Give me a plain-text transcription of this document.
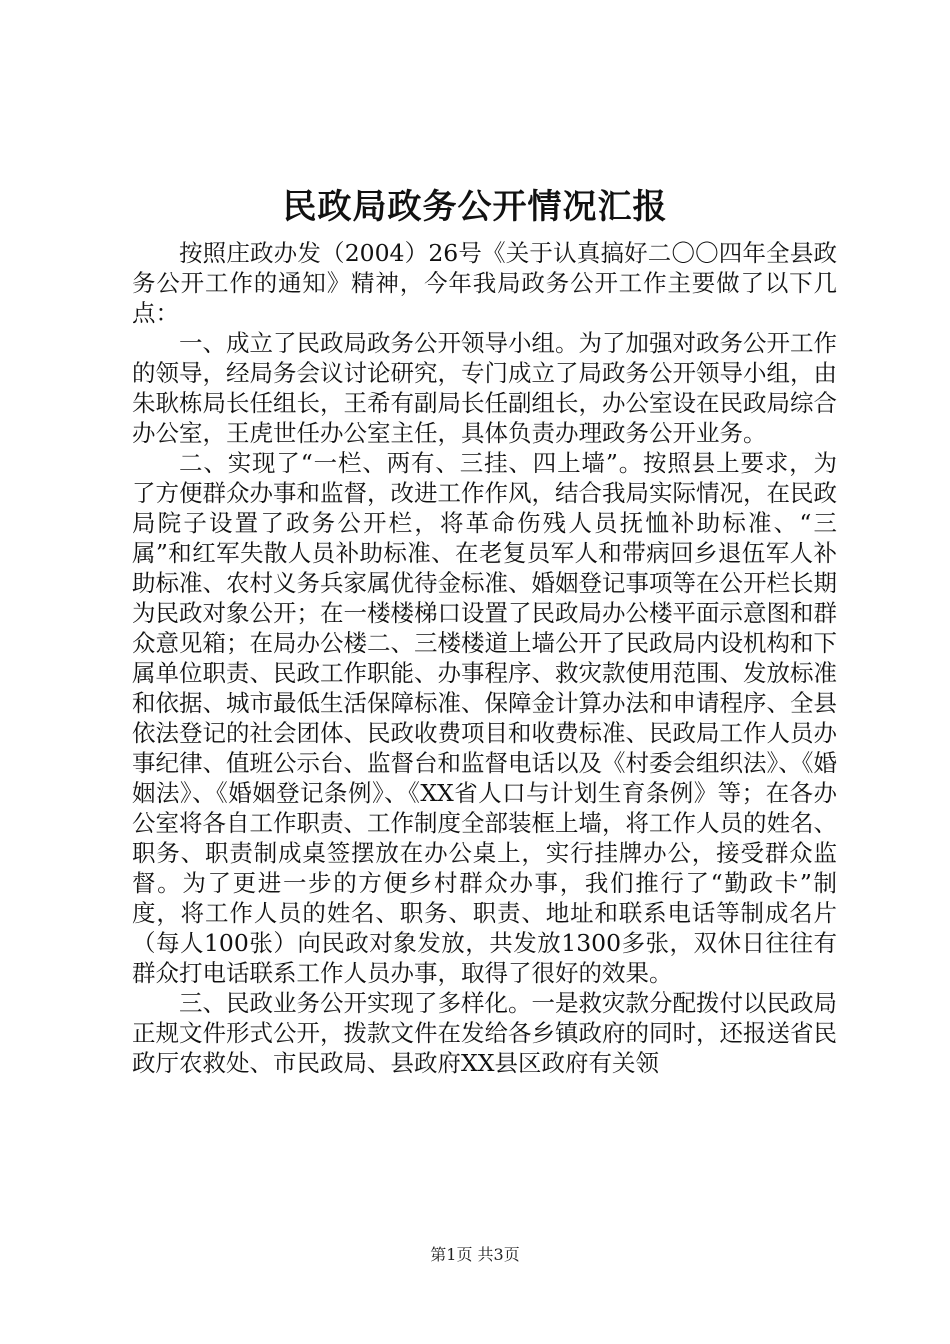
民政局政务公开情况汇报

按照庄政办发（2004）26号《关于认真搞好二〇〇四年全县政务公开工作的通知》精神，今年我局政务公开工作主要做了以下几点：

一、成立了民政局政务公开领导小组。为了加强对政务公开工作的领导，经局务会议讨论研究，专门成立了局政务公开领导小组，由朱耿栋局长任组长，王希有副局长任副组长，办公室设在民政局综合办公室，王虎世任办公室主任，具体负责办理政务公开业务。

二、实现了“一栏、两有、三挂、四上墙”。按照县上要求，为了方便群众办事和监督，改进工作作风，结合我局实际情况，在民政局院子设置了政务公开栏，将革命伤残人员抚恤补助标准、“三属”和红军失散人员补助标准、在老复员军人和带病回乡退伍军人补助标准、农村义务兵家属优待金标准、婚姻登记事项等在公开栏长期为民政对象公开；在一楼楼梯口设置了民政局办公楼平面示意图和群众意见箱；在局办公楼二、三楼楼道上墙公开了民政局内设机构和下属单位职责、民政工作职能、办事程序、救灾款使用范围、发放标准和依据、城市最低生活保障标准、保障金计算办法和申请程序、全县依法登记的社会团体、民政收费项目和收费标准、民政局工作人员办事纪律、值班公示台、监督台和监督电话以及《村委会组织法》、《婚姻法》、《婚姻登记条例》、《XX省人口与计划生育条例》等；在各办公室将各自工作职责、工作制度全部装框上墙，将工作人员的姓名、职务、职责制成桌签摆放在办公桌上，实行挂牌办公，接受群众监督。为了更进一步的方便乡村群众办事，我们推行了“勤政卡”制度，将工作人员的姓名、职务、职责、地址和联系电话等制成名片（每人100张）向民政对象发放，共发放1300多张，双休日往往有群众打电话联系工作人员办事，取得了很好的效果。

三、民政业务公开实现了多样化。一是救灾款分配拨付以民政局正规文件形式公开，拨款文件在发给各乡镇政府的同时，还报送省民政厅农救处、市民政局、县政府XX县区政府有关领

第1页 共3页
